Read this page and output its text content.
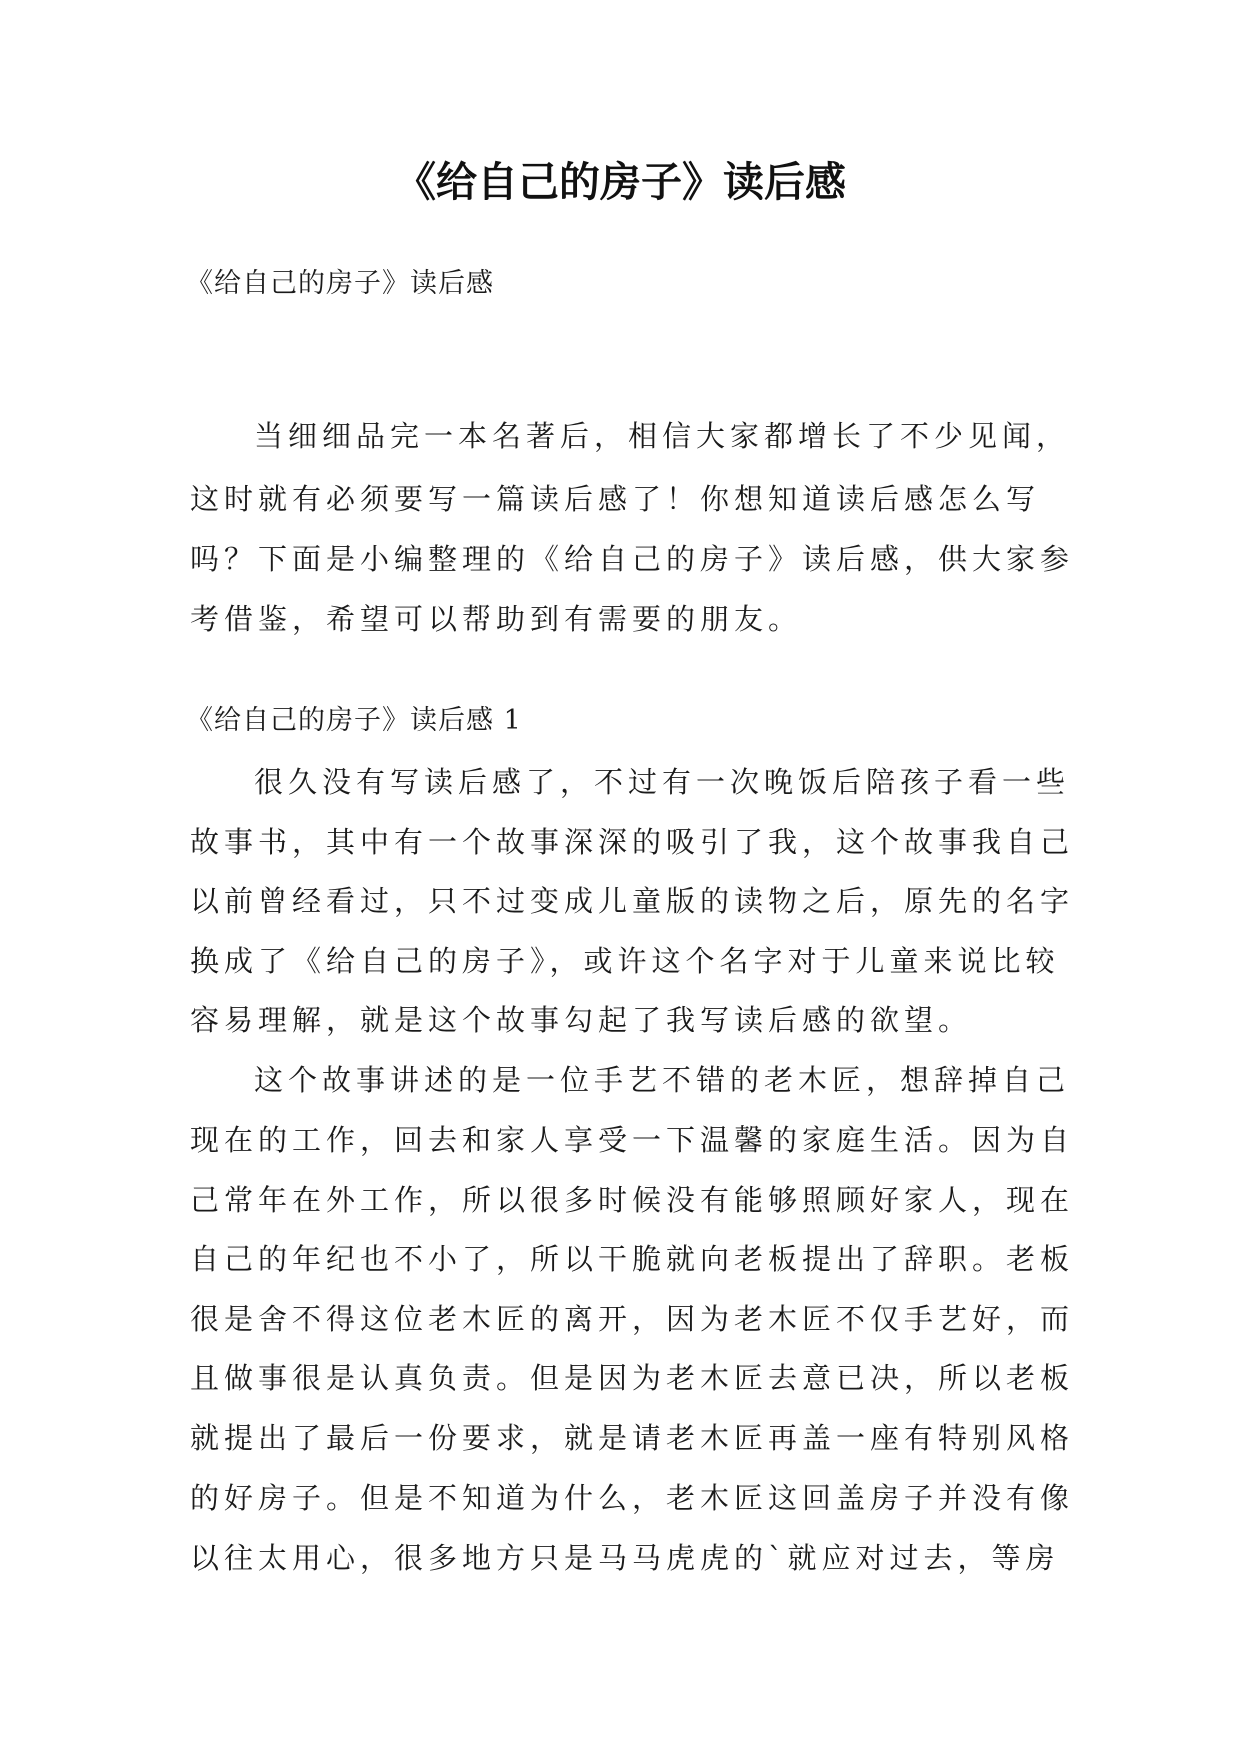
《给自己的房子》读后感
《给自己的房子》读后感
当细细品完一本名著后，相信大家都增长了不少见闻，
这时就有必须要写一篇读后感了！你想知道读后感怎么写
吗？下面是小编整理的《给自己的房子》读后感，供大家参
考借鉴，希望可以帮助到有需要的朋友。
《给自己的房子》读后感 1
很久没有写读后感了，不过有一次晚饭后陪孩子看一些
故事书，其中有一个故事深深的吸引了我，这个故事我自己
以前曾经看过，只不过变成儿童版的读物之后，原先的名字
换成了《给自己的房子》，或许这个名字对于儿童来说比较
容易理解，就是这个故事勾起了我写读后感的欲望。
这个故事讲述的是一位手艺不错的老木匠，想辞掉自己
现在的工作，回去和家人享受一下温馨的家庭生活。因为自
己常年在外工作，所以很多时候没有能够照顾好家人，现在
自己的年纪也不小了，所以干脆就向老板提出了辞职。老板
很是舍不得这位老木匠的离开，因为老木匠不仅手艺好，而
且做事很是认真负责。但是因为老木匠去意已决，所以老板
就提出了最后一份要求，就是请老木匠再盖一座有特别风格
的好房子。但是不知道为什么，老木匠这回盖房子并没有像
以往太用心，很多地方只是马马虎虎的`就应对过去，等房
